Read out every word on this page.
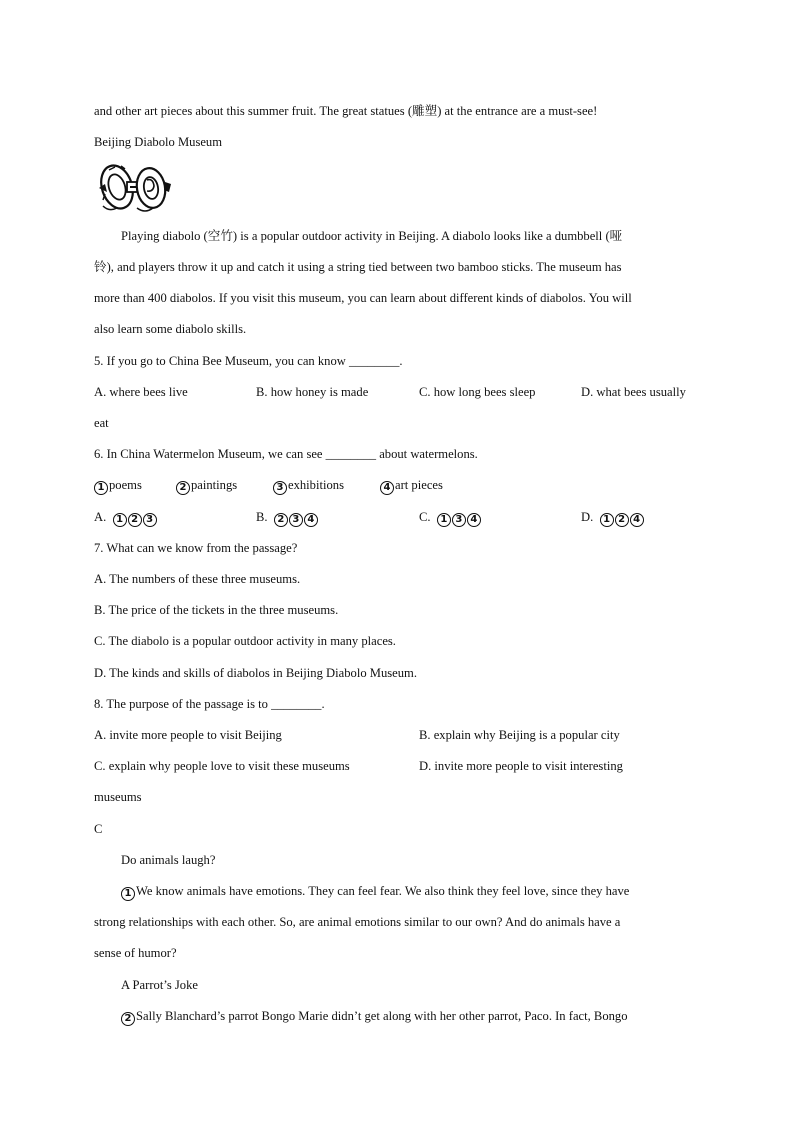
and other art pieces about this summer fruit. The great statues (雕塑) at the entrance are a must-see!
Beijing Diabolo Museum
Playing diabolo (空竹) is a popular outdoor activity in Beijing. A diabolo looks like a dumbbell (哑
铃), and players throw it up and catch it using a string tied between two bamboo sticks. The museum has
more than 400 diabolos. If you visit this museum, you can learn about different kinds of diabolos. You will
also learn some diabolo skills.
5. If you go to China Bee Museum, you can know ________.
A. where bees live	B. how honey is made	C. how long bees sleep	D. what bees usually
eat
6. In China Watermelon Museum, we can see ________ about watermelons.
1 poems	2 paintings	3 exhibitions	4 art pieces
A. 1 2 3	B. 2 3 4	C. 1 3 4	D. 1 2 4
7. What can we know from the passage?
A. The numbers of these three museums.
B. The price of the tickets in the three museums.
C. The diabolo is a popular outdoor activity in many places.
D. The kinds and skills of diabolos in Beijing Diabolo Museum.
8. The purpose of the passage is to ________.
A. invite more people to visit Beijing	B. explain why Beijing is a popular city
C. explain why people love to visit these museums	D. invite more people to visit interesting
museums
C
Do animals laugh?
1 We know animals have emotions. They can feel fear. We also think they feel love, since they have
strong relationships with each other. So, are animal emotions similar to our own? And do animals have a
sense of humor?
A Parrot’s Joke
2 Sally Blanchard’s parrot Bongo Marie didn’t get along with her other parrot, Paco. In fact, Bongo
